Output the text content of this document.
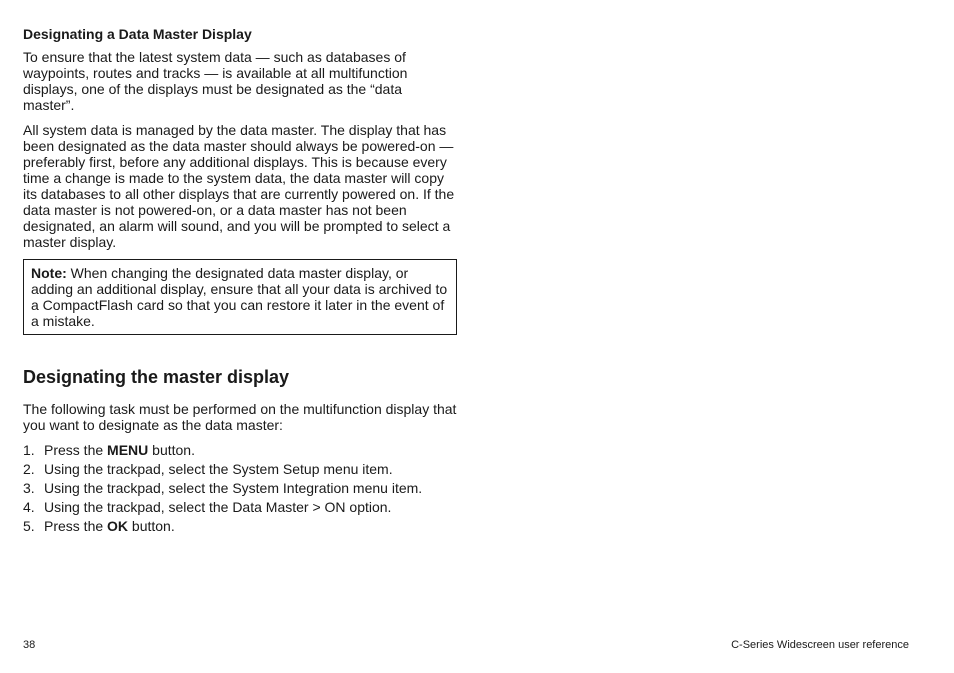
Designating a Data Master Display

To ensure that the latest system data — such as databases of waypoints, routes and tracks — is available at all multifunction displays, one of the displays must be designated as the “data master”.

All system data is managed by the data master. The display that has been designated as the data master should always be powered-on — preferably first, before any additional displays. This is because every time a change is made to the system data, the data master will copy its databases to all other displays that are currently powered on. If the data master is not powered-on, or a data master has not been designated, an alarm will sound, and you will be prompted to select a master display.

Note: When changing the designated data master display, or adding an additional display, ensure that all your data is archived to a CompactFlash card so that you can restore it later in the event of a mistake.
Designating the master display

The following task must be performed on the multifunction display that you want to designate as the data master:

1. Press the MENU button.
2. Using the trackpad, select the System Setup menu item.
3. Using the trackpad, select the System Integration menu item.
4. Using the trackpad, select the Data Master > ON option.
5. Press the OK button.
38	C-Series Widescreen user reference
